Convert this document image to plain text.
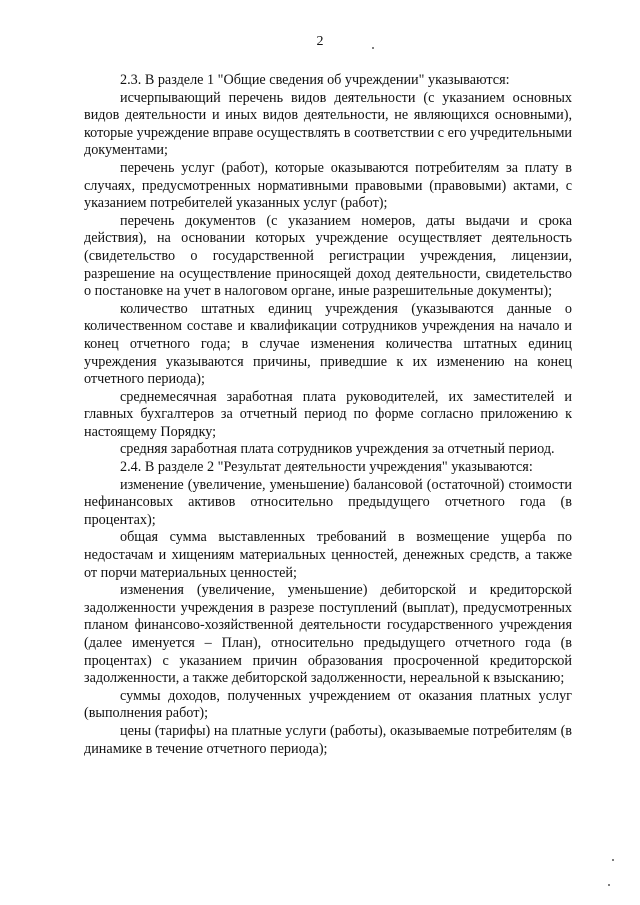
2

2.3. В разделе 1 "Общие сведения об учреждении" указываются:

исчерпывающий перечень видов деятельности (с указанием основных видов деятельности и иных видов деятельности, не являющихся основными), которые учреждение вправе осуществлять в соответствии с его учредительными документами;

перечень услуг (работ), которые оказываются потребителям за плату в случаях, предусмотренных нормативными правовыми (правовыми) актами, с указанием потребителей указанных услуг (работ);

перечень документов (с указанием номеров, даты выдачи и срока действия), на основании которых учреждение осуществляет деятельность (свидетельство о государственной регистрации учреждения, лицензии, разрешение на осуществление приносящей доход деятельности, свидетельство о постановке на учет в налоговом органе, иные разрешительные документы);

количество штатных единиц учреждения (указываются данные о количественном составе и квалификации сотрудников учреждения на начало и конец отчетного года; в случае изменения количества штатных единиц учреждения указываются причины, приведшие к их изменению на конец отчетного периода);

среднемесячная заработная плата руководителей, их заместителей и главных бухгалтеров за отчетный период по форме согласно приложению к настоящему Порядку;

средняя заработная плата сотрудников учреждения за отчетный период.

2.4. В разделе 2 "Результат деятельности учреждения" указываются:

изменение (увеличение, уменьшение) балансовой (остаточной) стоимости нефинансовых активов относительно предыдущего отчетного года (в процентах);

общая сумма выставленных требований в возмещение ущерба по недостачам и хищениям материальных ценностей, денежных средств, а также от порчи материальных ценностей;

изменения (увеличение, уменьшение) дебиторской и кредиторской задолженности учреждения в разрезе поступлений (выплат), предусмотренных планом финансово-хозяйственной деятельности государственного учреждения (далее именуется – План), относительно предыдущего отчетного года (в процентах) с указанием причин образования просроченной кредиторской задолженности, а также дебиторской задолженности, нереальной к взысканию;

суммы доходов, полученных учреждением от оказания платных услуг (выполнения работ);

цены (тарифы) на платные услуги (работы), оказываемые потребителям (в динамике в течение отчетного периода);
